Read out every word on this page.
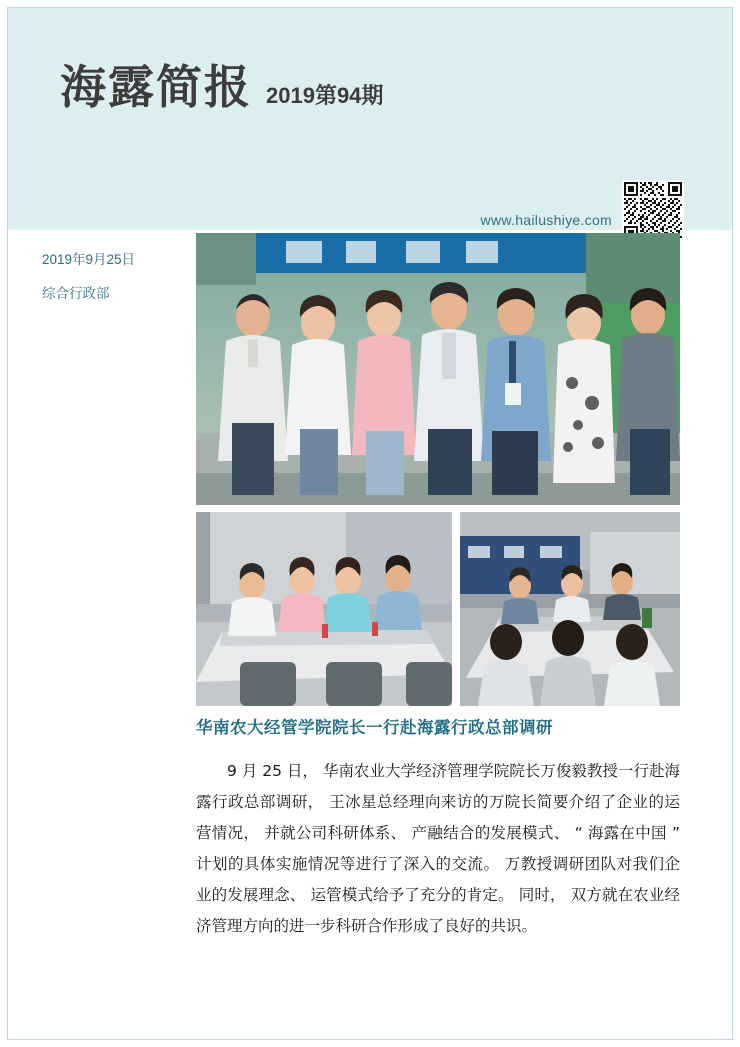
海露简报 2019第94期
www.hailushiye.com
2019年9月25日
综合行政部
华南农大经管学院院长一行赴海露行政总部调研
9 月 25 日， 华南农业大学经济管理学院院长万俊毅教授一行赴海露行政总部调研， 王冰星总经理向来访的万院长简要介绍了企业的运营情况， 并就公司科研体系、 产融结合的发展模式、 “ 海露在中国 ” 计划的具体实施情况等进行了深入的交流。 万教授调研团队对我们企业的发展理念、 运管模式给予了充分的肯定。 同时， 双方就在农业经济管理方向的进一步科研合作形成了良好的共识。
